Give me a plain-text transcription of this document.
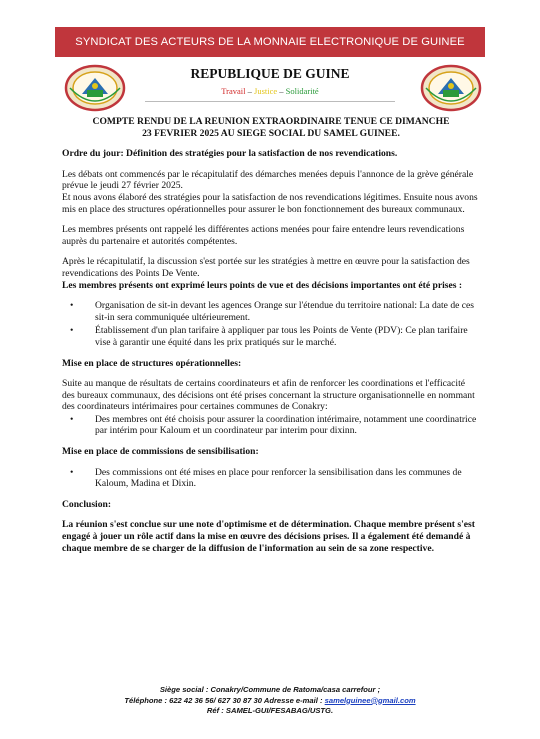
SYNDICAT DES ACTEURS DE LA MONNAIE ELECTRONIQUE DE GUINEE
REPUBLIQUE DE GUINE
Travail – Justice – Solidarité
COMPTE RENDU DE LA REUNION EXTRAORDINAIRE TENUE CE DIMANCHE
23 FEVRIER 2025 AU SIEGE SOCIAL DU SAMEL GUINEE.

Ordre du jour: Définition des stratégies pour la satisfaction de nos revendications.

Les débats ont commencés par le récapitulatif des démarches menées depuis l'annonce de la grève générale prévue le jeudi 27 février 2025.
Et nous avons élaboré des stratégies pour la satisfaction de nos revendications légitimes. Ensuite nous avons mis en place des structures opérationnelles pour assurer le bon fonctionnement des bureaux communaux.

Les membres présents ont rappelé les différentes actions menées pour faire entendre leurs revendications auprès du partenaire et autorités compétentes.

Après le récapitulatif, la discussion s'est portée sur les stratégies à mettre en œuvre pour la satisfaction des revendications des Points De Vente.
Les membres présents ont exprimé leurs points de vue et des décisions importantes ont été prises :

• Organisation de sit-in devant les agences Orange sur l'étendue du territoire national: La date de ces sit-in sera communiquée ultérieurement.
• Établissement d'un plan tarifaire à appliquer par tous les Points de Vente (PDV): Ce plan tarifaire vise à garantir une équité dans les prix pratiqués sur le marché.
Mise en place de structures opérationnelles:

Suite au manque de résultats de certains coordinateurs et afin de renforcer les coordinations et l'efficacité des bureaux communaux, des décisions ont été prises concernant la structure organisationnelle en nommant des coordinateurs intérimaires pour certaines communes de Conakry:

• Des membres ont été choisis pour assurer la coordination intérimaire, notamment une coordinatrice par intérim pour Kaloum et un coordinateur par interim pour dixinn.
Mise en place de commissions de sensibilisation:
• Des commissions ont été mises en place pour renforcer la sensibilisation dans les communes de Kaloum, Madina et Dixin.
Conclusion:

La réunion s'est conclue sur une note d'optimisme et de détermination. Chaque membre présent s'est engagé à jouer un rôle actif dans la mise en œuvre des décisions prises. Il a également été demandé à chaque membre de se charger de la diffusion de l'information au sein de sa zone respective.

Siège social : Conakry/Commune de Ratoma/casa carrefour ;
Téléphone : 622 42 36 56/ 627 30 87 30 Adresse e-mail : samelguinee@gmail.com
Réf : SAMEL-GUI/FESABAG/USTG.
